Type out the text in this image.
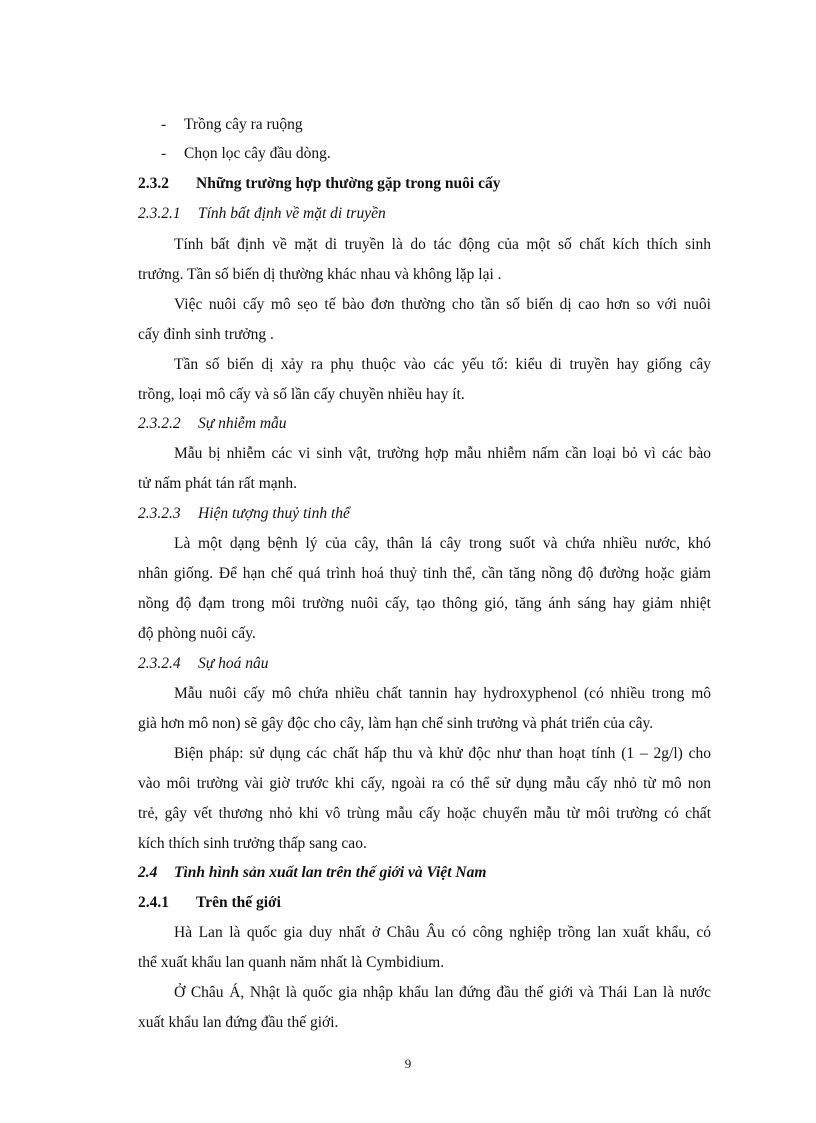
- Trồng cây ra ruộng
- Chọn lọc cây đầu dòng.
2.3.2 Những trường hợp thường gặp trong nuôi cấy
2.3.2.1 Tính bất định về mặt di truyền
Tính bất định về mặt di truyền là do tác động của một số chất kích thích sinh
trưởng. Tần số biến dị thường khác nhau và không lặp lại .
Việc nuôi cấy mô sẹo tế bào đơn thường cho tần số biến dị cao hơn so với nuôi
cấy đỉnh sinh trưởng .
Tần số biến dị xảy ra phụ thuộc vào các yếu tố: kiểu di truyền hay giống cây
trồng, loại mô cấy và số lần cấy chuyền nhiều hay ít.
2.3.2.2 Sự nhiễm mẫu
Mẫu bị nhiễm các vi sinh vật, trường hợp mẫu nhiễm nấm cần loại bỏ vì các bào
tử nấm phát tán rất mạnh.
2.3.2.3 Hiện tượng thuỷ tinh thể
Là một dạng bệnh lý của cây, thân lá cây trong suốt và chứa nhiều nước, khó
nhân giống. Để hạn chế quá trình hoá thuỷ tinh thể, cần tăng nồng độ đường hoặc giảm
nồng độ đạm trong môi trường nuôi cấy, tạo thông gió, tăng ánh sáng hay giảm nhiệt
độ phòng nuôi cấy.
2.3.2.4 Sự hoá nâu
Mẫu nuôi cấy mô chứa nhiều chất tannin hay hydroxyphenol (có nhiều trong mô
già hơn mô non) sẽ gây độc cho cây, làm hạn chế sinh trưởng và phát triển của cây.
Biện pháp: sử dụng các chất hấp thu và khử độc như than hoạt tính (1 – 2g/l) cho
vào môi trường vài giờ trước khi cấy, ngoài ra có thể sử dụng mẫu cấy nhỏ từ mô non
trẻ, gây vết thương nhỏ khi vô trùng mẫu cấy hoặc chuyển mẫu từ môi trường có chất
kích thích sinh trưởng thấp sang cao.
2.4 Tình hình sản xuất lan trên thế giới và Việt Nam
2.4.1 Trên thế giới
Hà Lan là quốc gia duy nhất ở Châu Âu có công nghiệp trồng lan xuất khẩu, có
thể xuất khẩu lan quanh năm nhất là Cymbidium.
Ở Châu Á, Nhật là quốc gia nhập khẩu lan đứng đầu thế giới và Thái Lan là nước
xuất khẩu lan đứng đầu thế giới.
9
